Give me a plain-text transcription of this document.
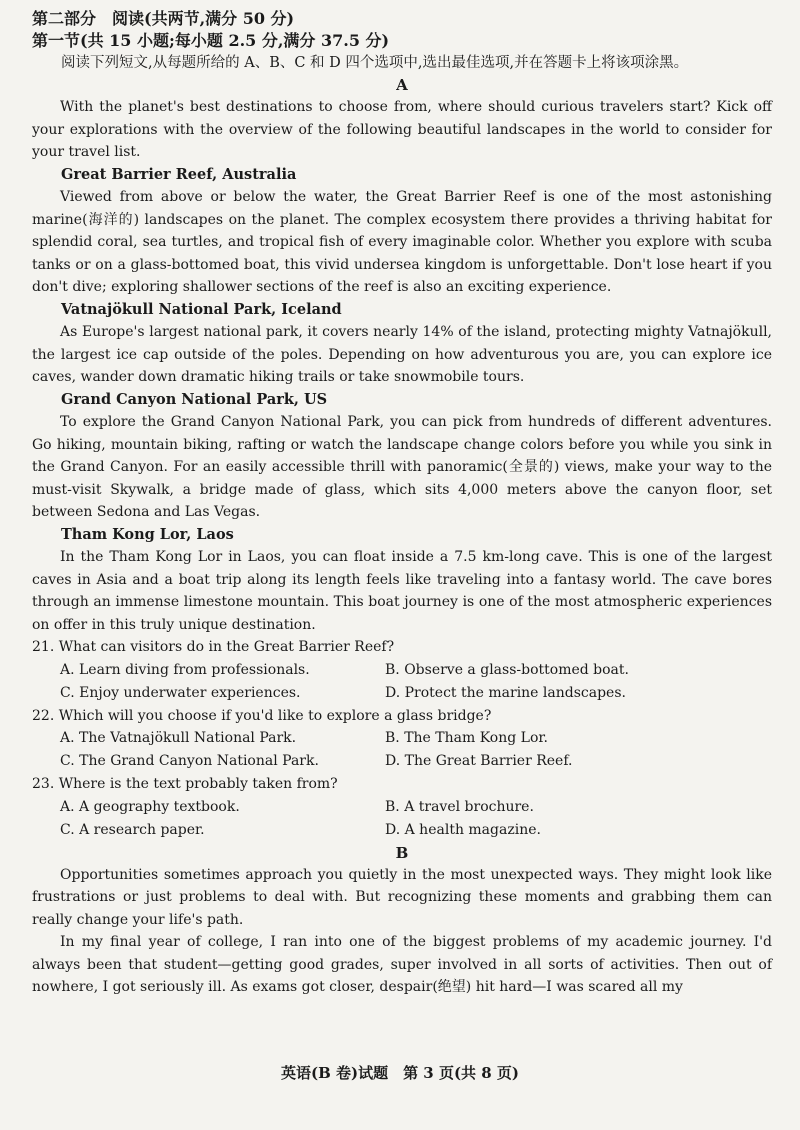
第二部分　阅读(共两节,满分 50 分)
第一节(共 15 小题;每小题 2.5 分,满分 37.5 分)

阅读下列短文,从每题所给的 A、B、C 和 D 四个选项中,选出最佳选项,并在答题卡上将该项涂黑。

A

With the planet's best destinations to choose from, where should curious travelers start? Kick off your explorations with the overview of the following beautiful landscapes in the world to consider for your travel list.

Great Barrier Reef, Australia

Viewed from above or below the water, the Great Barrier Reef is one of the most astonishing marine(海洋的) landscapes on the planet. The complex ecosystem there provides a thriving habitat for splendid coral, sea turtles, and tropical fish of every imaginable color. Whether you explore with scuba tanks or on a glass-bottomed boat, this vivid undersea kingdom is unforgettable. Don't lose heart if you don't dive; exploring shallower sections of the reef is also an exciting experience.

Vatnajökull National Park, Iceland

As Europe's largest national park, it covers nearly 14% of the island, protecting mighty Vatnajökull, the largest ice cap outside of the poles. Depending on how adventurous you are, you can explore ice caves, wander down dramatic hiking trails or take snowmobile tours.

Grand Canyon National Park, US

To explore the Grand Canyon National Park, you can pick from hundreds of different adventures. Go hiking, mountain biking, rafting or watch the landscape change colors before you while you sink in the Grand Canyon. For an easily accessible thrill with panoramic(全景的) views, make your way to the must-visit Skywalk, a bridge made of glass, which sits 4,000 meters above the canyon floor, set between Sedona and Las Vegas.

Tham Kong Lor, Laos

In the Tham Kong Lor in Laos, you can float inside a 7.5 km-long cave. This is one of the largest caves in Asia and a boat trip along its length feels like traveling into a fantasy world. The cave bores through an immense limestone mountain. This boat journey is one of the most atmospheric experiences on offer in this truly unique destination.

21. What can visitors do in the Great Barrier Reef?
A. Learn diving from professionals.	B. Observe a glass-bottomed boat.
C. Enjoy underwater experiences.	D. Protect the marine landscapes.
22. Which will you choose if you'd like to explore a glass bridge?
A. The Vatnajökull National Park.	B. The Tham Kong Lor.
C. The Grand Canyon National Park.	D. The Great Barrier Reef.
23. Where is the text probably taken from?
A. A geography textbook.	B. A travel brochure.
C. A research paper.	D. A health magazine.
B

Opportunities sometimes approach you quietly in the most unexpected ways. They might look like frustrations or just problems to deal with. But recognizing these moments and grabbing them can really change your life's path.

In my final year of college, I ran into one of the biggest problems of my academic journey. I'd always been that student—getting good grades, super involved in all sorts of activities. Then out of nowhere, I got seriously ill. As exams got closer, despair(绝望) hit hard—I was scared all my

英语(B 卷)试题　第 3 页(共 8 页)
